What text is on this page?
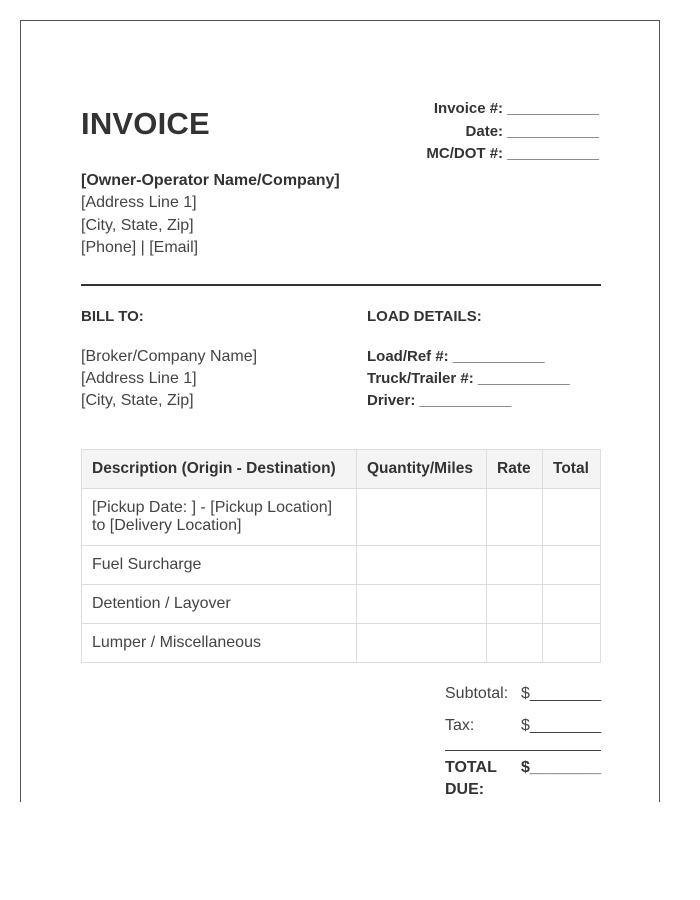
INVOICE	Invoice #: ___________
Date: ___________
MC/DOT #: ___________
[Owner-Operator Name/Company]
[Address Line 1]
[City, State, Zip]
[Phone] | [Email]
BILL TO:	LOAD DETAILS:
[Broker/Company Name]
[Address Line 1]
[City, State, Zip]
Load/Ref #: ___________
Truck/Trailer #: ___________
Driver: ___________
Description (Origin - Destination)	Quantity/Miles	Rate	Total

[Pickup Date: ] - [Pickup Location]
to [Delivery Location]			

Fuel Surcharge			
Detention / Layover			
Lumper / Miscellaneous			
Subtotal: $________
Tax:	$________
TOTAL DUE:
$________
